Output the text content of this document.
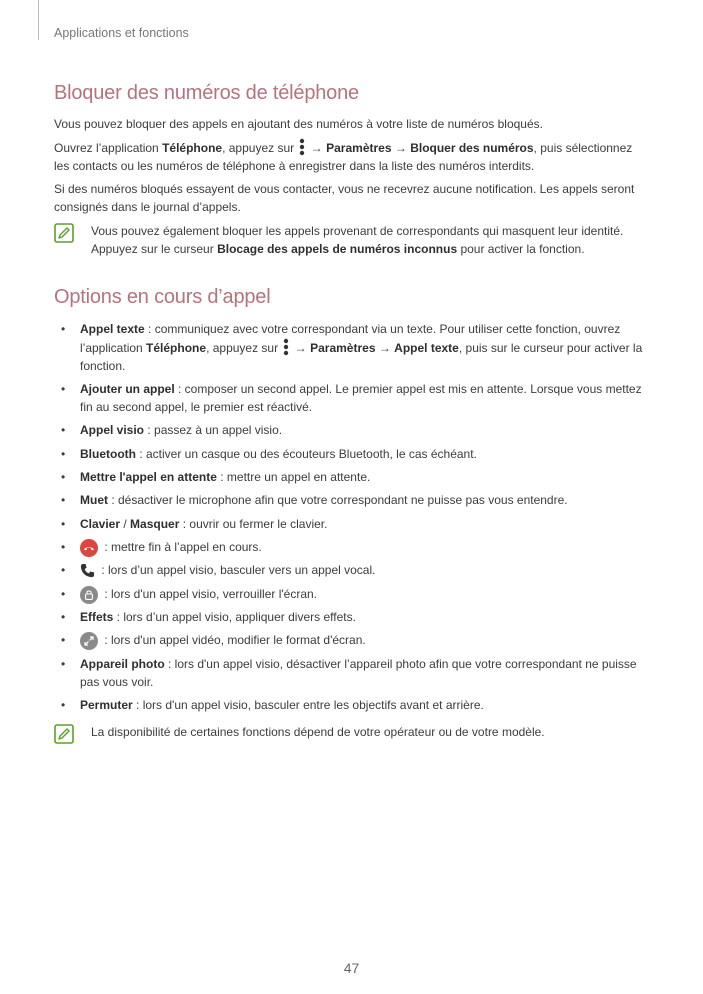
Applications et fonctions
Bloquer des numéros de téléphone

Vous pouvez bloquer des appels en ajoutant des numéros à votre liste de numéros bloqués.

Ouvrez l’application Téléphone, appuyez sur  → Paramètres → Bloquer des numéros, puis sélectionnez les contacts ou les numéros de téléphone à enregistrer dans la liste des numéros interdits.

Si des numéros bloqués essayent de vous contacter, vous ne recevrez aucune notification. Les appels seront consignés dans le journal d’appels.

Vous pouvez également bloquer les appels provenant de correspondants qui masquent leur identité. Appuyez sur le curseur Blocage des appels de numéros inconnus pour activer la fonction.
Options en cours d’appel
• Appel texte : communiquez avec votre correspondant via un texte. Pour utiliser cette fonction, ouvrez l’application Téléphone, appuyez sur  → Paramètres → Appel texte, puis sur le curseur pour activer la fonction.
• Ajouter un appel : composer un second appel. Le premier appel est mis en attente. Lorsque vous mettez fin au second appel, le premier est réactivé.
• Appel visio : passez à un appel visio.
• Bluetooth : activer un casque ou des écouteurs Bluetooth, le cas échéant.
• Mettre l'appel en attente : mettre un appel en attente.
• Muet : désactiver le microphone afin que votre correspondant ne puisse pas vous entendre.
• Clavier / Masquer : ouvrir ou fermer le clavier.
•	: mettre fin à l’appel en cours.
•	: lors d’un appel visio, basculer vers un appel vocal.
•	: lors d'un appel visio, verrouiller l'écran.
• Effets : lors d’un appel visio, appliquer divers effets.
•	: lors d'un appel vidéo, modifier le format d'écran.
• Appareil photo : lors d'un appel visio, désactiver l’appareil photo afin que votre correspondant ne puisse pas vous voir.
• Permuter : lors d'un appel visio, basculer entre les objectifs avant et arrière.
La disponibilité de certaines fonctions dépend de votre opérateur ou de votre modèle.
47
